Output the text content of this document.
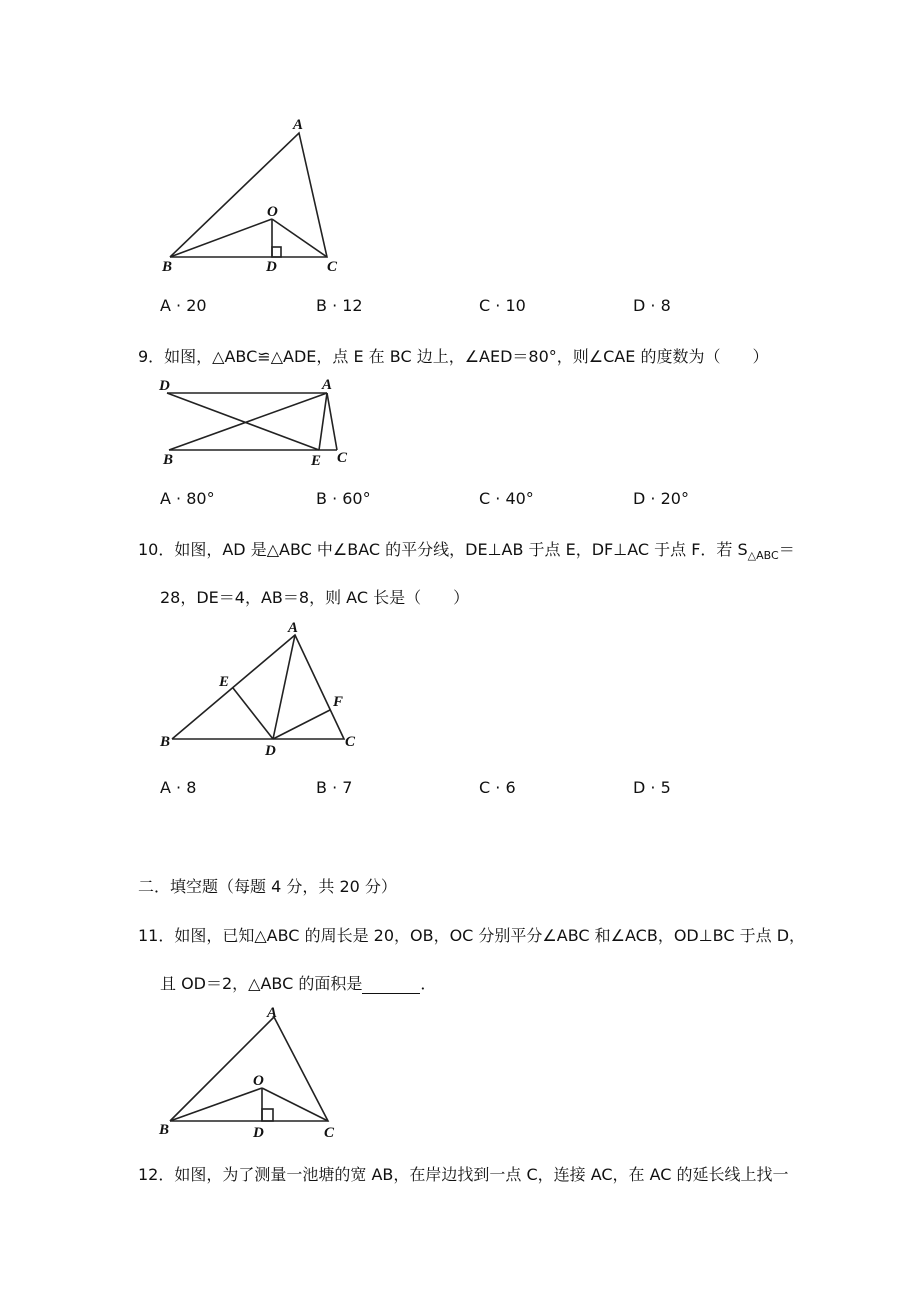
A
O
B	D	C
A · 20	B · 12	C · 10	D · 8
9．如图，△ABC≌△ADE，点 E 在 BC 边上，∠AED＝80°，则∠CAE 的度数为（　　）
D	A
B	E C
A · 80°	B · 60°	C · 40°	D · 20°
10．如图，AD 是△ABC 中∠BAC 的平分线，DE⊥AB 于点 E，DF⊥AC 于点 F．若 $S_{\triangle ABC}=$
28，DE＝4，AB＝8，则 AC 长是（　　）
A
E
F
B
D
C
A · 8	B · 7	C · 6	D · 5
二．填空题（每题 4 分，共 20 分）
11．如图，已知△ABC 的周长是 20，OB，OC 分别平分∠ABC 和∠ACB，OD⊥BC 于点 D，
且 OD＝2，△ABC 的面积是	．
A
O
B	D	C
12．如图，为了测量一池塘的宽 AB，在岸边找到一点 C，连接 AC，在 AC 的延长线上找一
